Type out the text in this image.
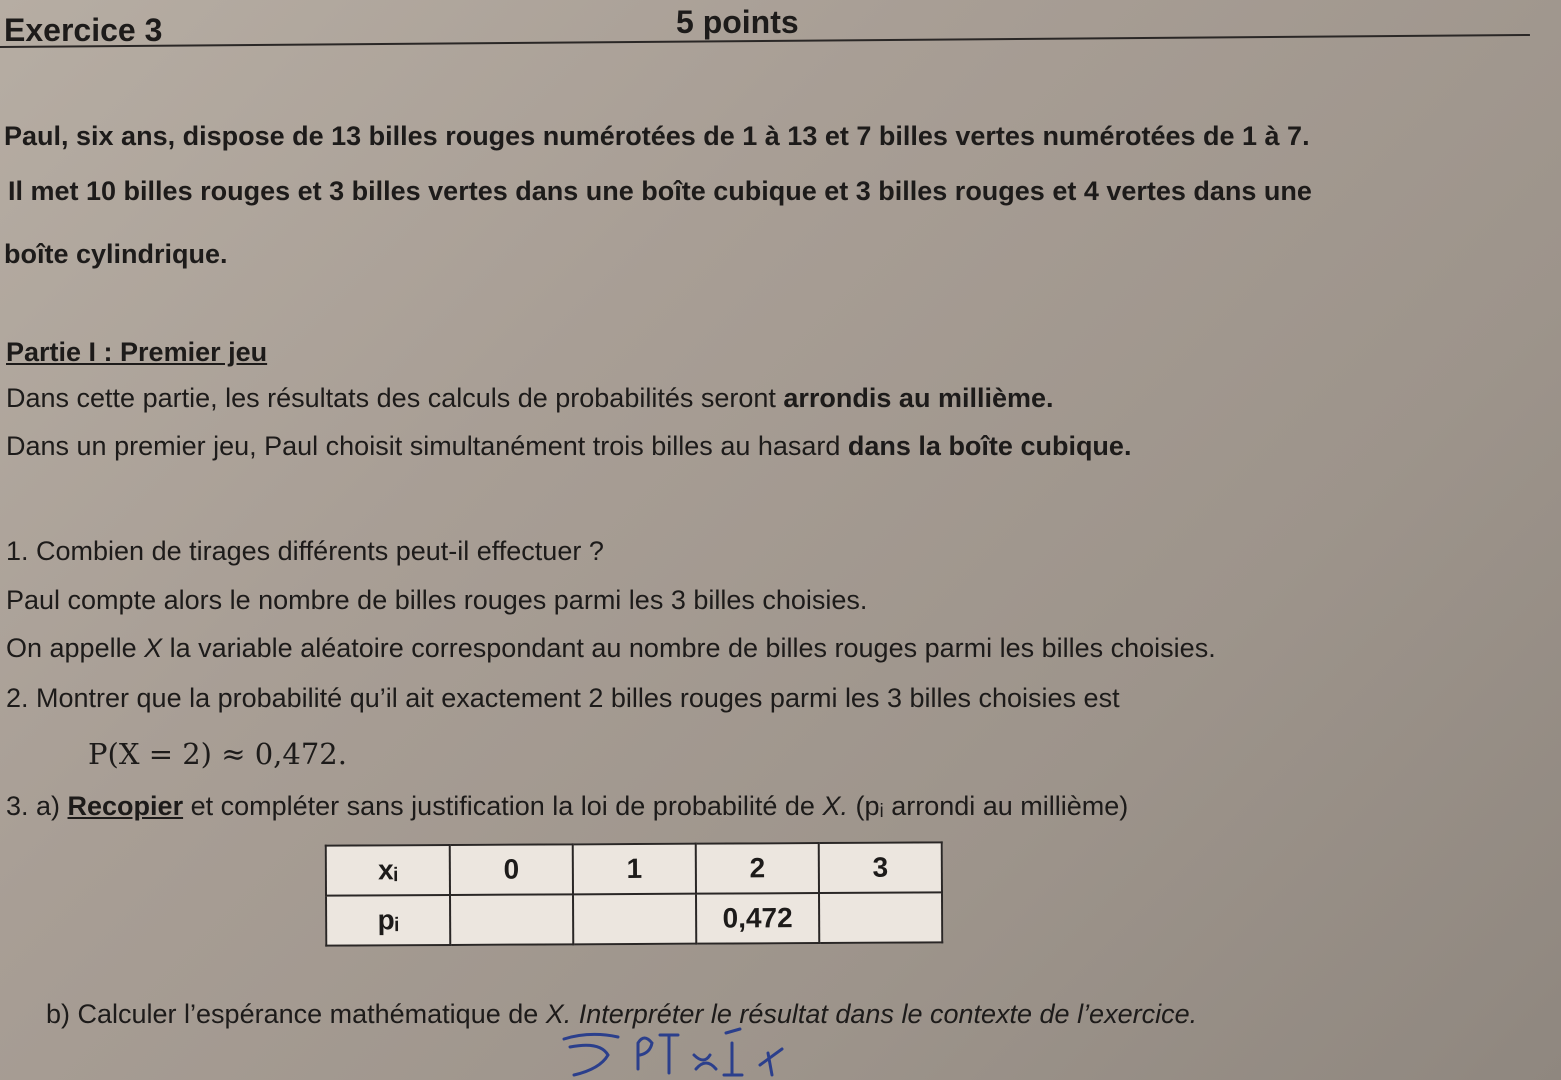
Exercice 3	5 points
Paul, six ans, dispose de 13 billes rouges numérotées de 1 à 13 et 7 billes vertes numérotées de 1 à 7.
Il met 10 billes rouges et 3 billes vertes dans une boîte cubique et 3 billes rouges et 4 vertes dans une
boîte cylindrique.
Partie I : Premier jeu
Dans cette partie, les résultats des calculs de probabilités seront arrondis au millième.
Dans un premier jeu, Paul choisit simultanément trois billes au hasard dans la boîte cubique.
1. Combien de tirages différents peut-il effectuer ?
Paul compte alors le nombre de billes rouges parmi les 3 billes choisies.
On appelle X la variable aléatoire correspondant au nombre de billes rouges parmi les billes choisies.
2. Montrer que la probabilité qu’il ait exactement 2 billes rouges parmi les 3 billes choisies est
P(X = 2) ≈ 0,472.
3. a) Recopier et compléter sans justification la loi de probabilité de X. (pᵢ arrondi au millième)
xᵢ	0	1	2	3
pᵢ			0,472	
b) Calculer l’espérance mathématique de X. Interpréter le résultat dans le contexte de l’exercice.
